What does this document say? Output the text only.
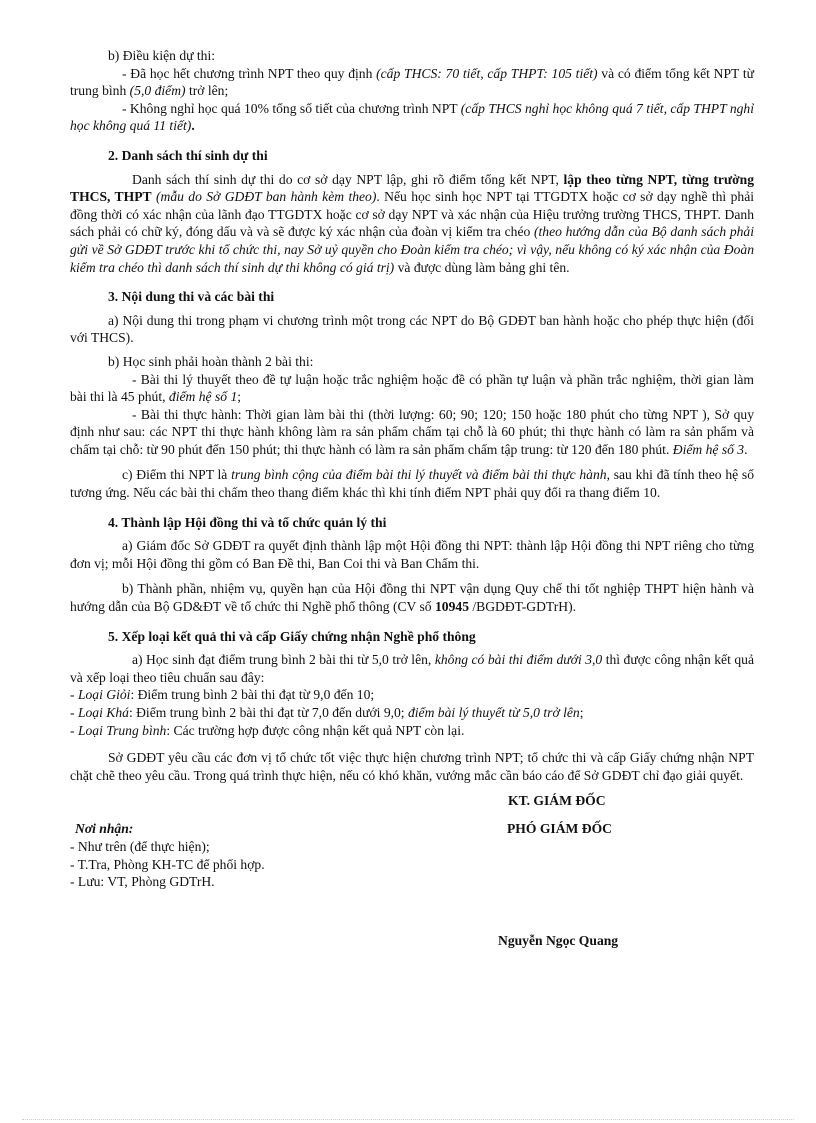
b) Điều kiện dự thi:

- Đã học hết chương trình NPT theo quy định (cấp THCS: 70 tiết, cấp THPT: 105 tiết) và có điểm tổng kết NPT từ trung bình (5,0 điểm) trở lên;

- Không nghỉ học quá 10% tổng số tiết của chương trình NPT (cấp THCS nghỉ học không quá 7 tiết, cấp THPT nghỉ học không quá 11 tiết).

2. Danh sách thí sinh dự thi

Danh sách thí sinh dự thi do cơ sở dạy NPT lập, ghi rõ điểm tổng kết NPT, lập theo từng NPT, từng trường THCS, THPT (mẫu do Sở GDĐT ban hành kèm theo). Nếu học sinh học NPT tại TTGDTX hoặc cơ sở dạy nghề thì phải đồng thời có xác nhận của lãnh đạo TTGDTX hoặc cơ sở dạy NPT và xác nhận của Hiệu trưởng trường THCS, THPT. Danh sách phải có chữ ký, đóng dấu và và sẽ được ký xác nhận của đoàn vị kiểm tra chéo (theo hướng dẫn của Bộ danh sách phải gửi về Sở GDĐT trước khi tổ chức thi, nay Sở uỷ quyền cho Đoàn kiểm tra chéo; vì vậy, nếu không có ký xác nhận của Đoàn kiểm tra chéo thì danh sách thí sinh dự thi không có giá trị) và được dùng làm bảng ghi tên.

3. Nội dung thi và các bài thi

a) Nội dung thi trong phạm vi chương trình một trong các NPT do Bộ GDĐT ban hành hoặc cho phép thực hiện (đối với THCS).

b) Học sinh phải hoàn thành 2 bài thi:

- Bài thi lý thuyết theo đề tự luận hoặc trắc nghiệm hoặc đề có phần tự luận và phần trắc nghiệm, thời gian làm bài thi là 45 phút, điểm hệ số 1;

- Bài thi thực hành: Thời gian làm bài thi (thời lượng: 60; 90; 120; 150 hoặc 180 phút cho từng NPT ), Sở quy định như sau: các NPT thi thực hành không làm ra sản phẩm chấm tại chỗ là 60 phút; thi thực hành có làm ra sản phẩm và chấm tại chỗ: từ 90 phút đến 150 phút; thi thực hành có làm ra sản phẩm chấm tập trung: từ 120 đến 180 phút. Điểm hệ số 3.

c) Điểm thi NPT là trung bình cộng của điểm bài thi lý thuyết và điểm bài thi thực hành, sau khi đã tính theo hệ số tương ứng. Nếu các bài thi chấm theo thang điểm khác thì khi tính điểm NPT phải quy đổi ra thang điểm 10.

4. Thành lập Hội đồng thi và tổ chức quản lý thi

a) Giám đốc Sở GDĐT ra quyết định thành lập một Hội đồng thi NPT: thành lập Hội đồng thi NPT riêng cho từng đơn vị; mỗi Hội đồng thi gồm có Ban Đề thi, Ban Coi thi và Ban Chấm thi.

b) Thành phần, nhiệm vụ, quyền hạn của Hội đồng thi NPT vận dụng Quy chế thi tốt nghiệp THPT hiện hành và hướng dẫn của Bộ GD&ĐT về tổ chức thi Nghề phổ thông (CV số 10945 /BGDĐT-GDTrH).

5. Xếp loại kết quả thi và cấp Giấy chứng nhận Nghề phổ thông

a) Học sinh đạt điểm trung bình 2 bài thi từ 5,0 trở lên, không có bài thi điểm dưới 3,0 thì được công nhận kết quả và xếp loại theo tiêu chuẩn sau đây:

- Loại Giỏi: Điểm trung bình 2 bài thi đạt từ 9,0 đến 10;

- Loại Khá: Điểm trung bình 2 bài thi đạt từ 7,0 đến dưới 9,0; điểm bài lý thuyết từ 5,0 trở lên;

- Loại Trung bình: Các trường hợp được công nhận kết quả NPT còn lại.

Sở GDĐT yêu cầu các đơn vị tổ chức tốt việc thực hiện chương trình NPT; tổ chức thi và cấp Giấy chứng nhận NPT chặt chẽ theo yêu cầu. Trong quá trình thực hiện, nếu có khó khăn, vướng mắc cần báo cáo để Sở GDĐT chỉ đạo giải quyết.

KT. GIÁM ĐỐC
PHÓ GIÁM ĐỐC
Nơi nhận:
- Như trên (để thực hiện);
- T.Tra, Phòng KH-TC để phối hợp.
- Lưu: VT, Phòng GDTrH.
Nguyễn Ngọc Quang
